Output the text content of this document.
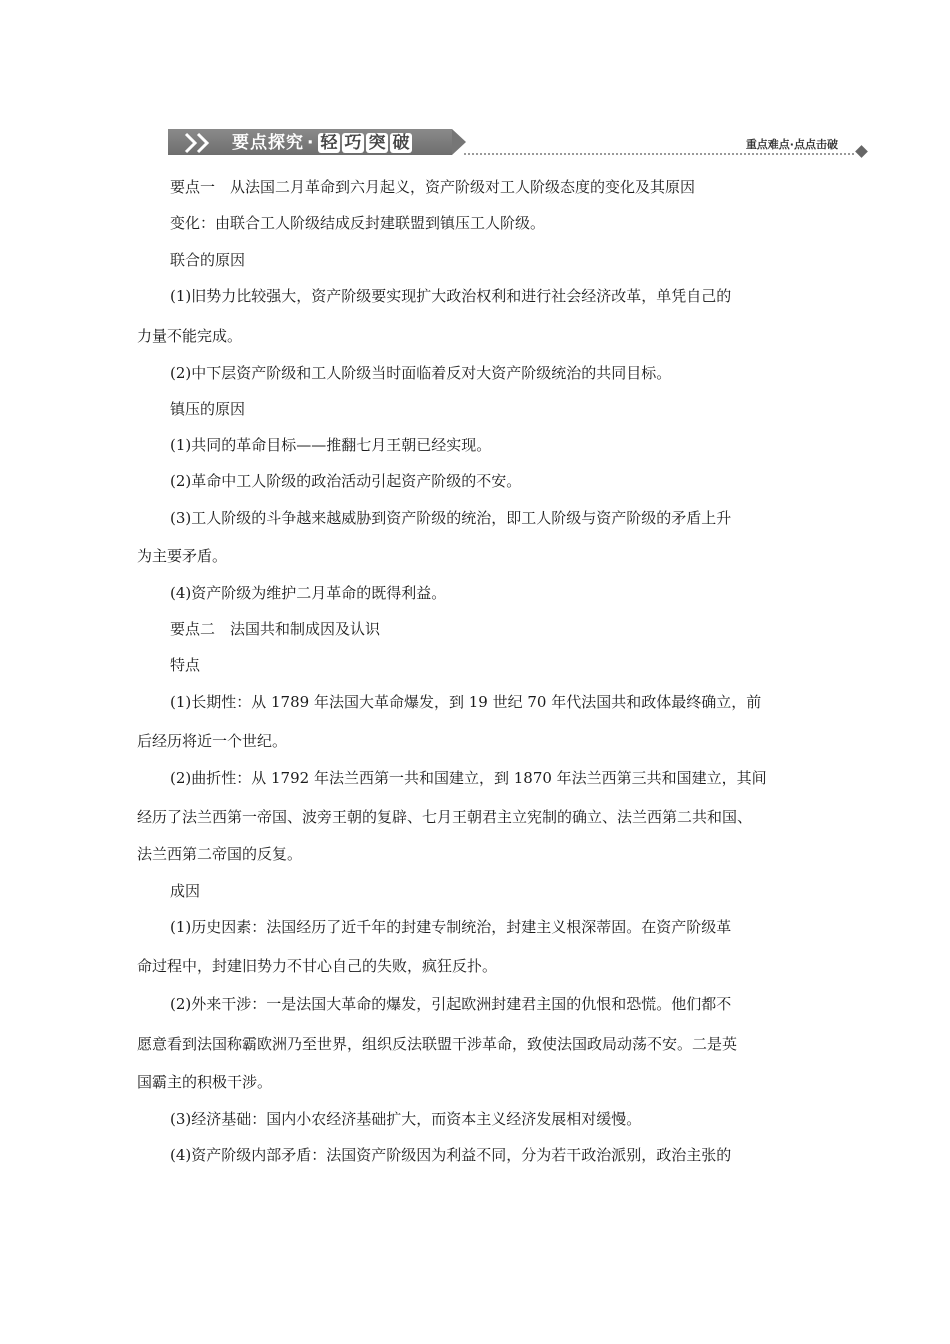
要点探究 · 轻 巧 突 破	重点难点·点点击破
要点一　从法国二月革命到六月起义，资产阶级对工人阶级态度的变化及其原因
变化：由联合工人阶级结成反封建联盟到镇压工人阶级。
联合的原因
(1)旧势力比较强大，资产阶级要实现扩大政治权利和进行社会经济改革，单凭自己的
力量不能完成。
(2)中下层资产阶级和工人阶级当时面临着反对大资产阶级统治的共同目标。
镇压的原因
(1)共同的革命目标——推翻七月王朝已经实现。
(2)革命中工人阶级的政治活动引起资产阶级的不安。
(3)工人阶级的斗争越来越威胁到资产阶级的统治，即工人阶级与资产阶级的矛盾上升
为主要矛盾。
(4)资产阶级为维护二月革命的既得利益。
要点二　法国共和制成因及认识
特点
(1)长期性：从 1789 年法国大革命爆发，到 19 世纪 70 年代法国共和政体最终确立，前
后经历将近一个世纪。
(2)曲折性：从 1792 年法兰西第一共和国建立，到 1870 年法兰西第三共和国建立，其间
经历了法兰西第一帝国、波旁王朝的复辟、七月王朝君主立宪制的确立、法兰西第二共和国、
法兰西第二帝国的反复。
成因
(1)历史因素：法国经历了近千年的封建专制统治，封建主义根深蒂固。在资产阶级革
命过程中，封建旧势力不甘心自己的失败，疯狂反扑。
(2)外来干涉：一是法国大革命的爆发，引起欧洲封建君主国的仇恨和恐慌。他们都不
愿意看到法国称霸欧洲乃至世界，组织反法联盟干涉革命，致使法国政局动荡不安。二是英
国霸主的积极干涉。
(3)经济基础：国内小农经济基础扩大，而资本主义经济发展相对缓慢。
(4)资产阶级内部矛盾：法国资产阶级因为利益不同，分为若干政治派别，政治主张的
